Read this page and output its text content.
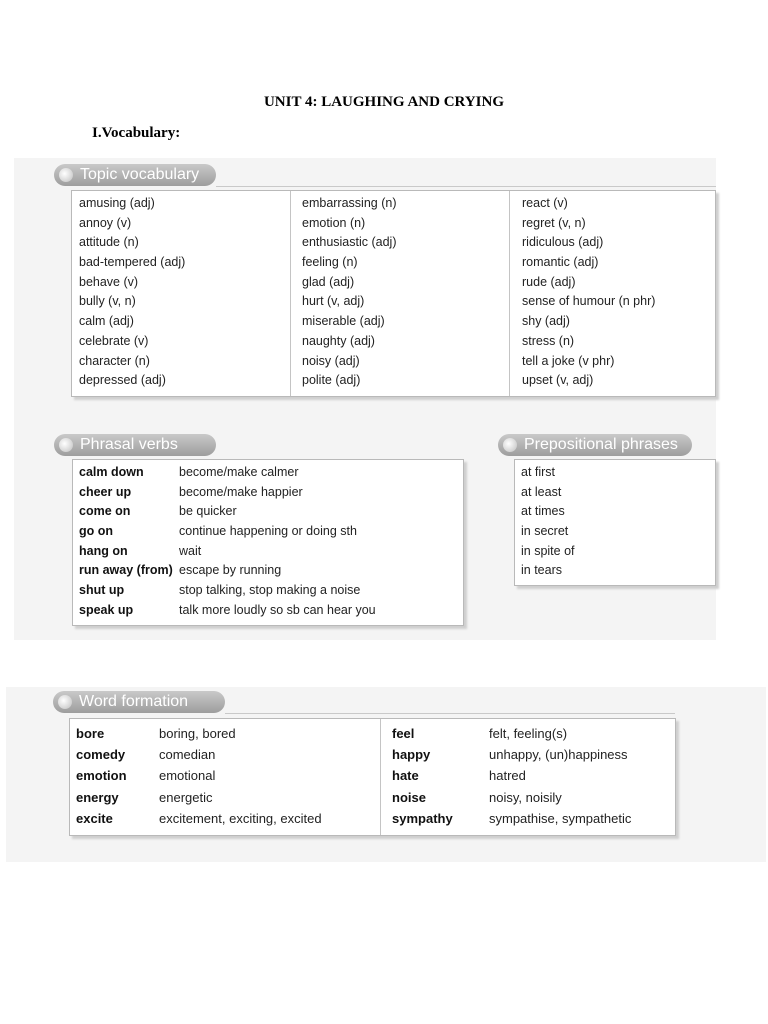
UNIT 4: LAUGHING AND CRYING
I.Vocabulary:
Topic vocabulary
amusing (adj)
annoy (v)
attitude (n)
bad-tempered (adj)
behave (v)
bully (v, n)
calm (adj)
celebrate (v)
character (n)
depressed (adj)
embarrassing (n)
emotion (n)
enthusiastic (adj)
feeling (n)
glad (adj)
hurt (v, adj)
miserable (adj)
naughty (adj)
noisy (adj)
polite (adj)
react (v)
regret (v, n)
ridiculous (adj)
romantic (adj)
rude (adj)
sense of humour (n phr)
shy (adj)
stress (n)
tell a joke (v phr)
upset (v, adj)
Phrasal verbs
calm down
cheer up
come on
go on
hang on
run away (from)
shut up
speak up
become/make calmer
become/make happier
be quicker
continue happening or doing sth
wait
escape by running
stop talking, stop making a noise
talk more loudly so sb can hear you
Prepositional phrases
at first
at least
at times
in secret
in spite of
in tears
Word formation
bore
comedy
emotion
energy
excite
boring, bored
comedian
emotional
energetic
excitement, exciting, excited
feel
happy
hate
noise
sympathy
felt, feeling(s)
unhappy, (un)happiness
hatred
noisy, noisily
sympathise, sympathetic
